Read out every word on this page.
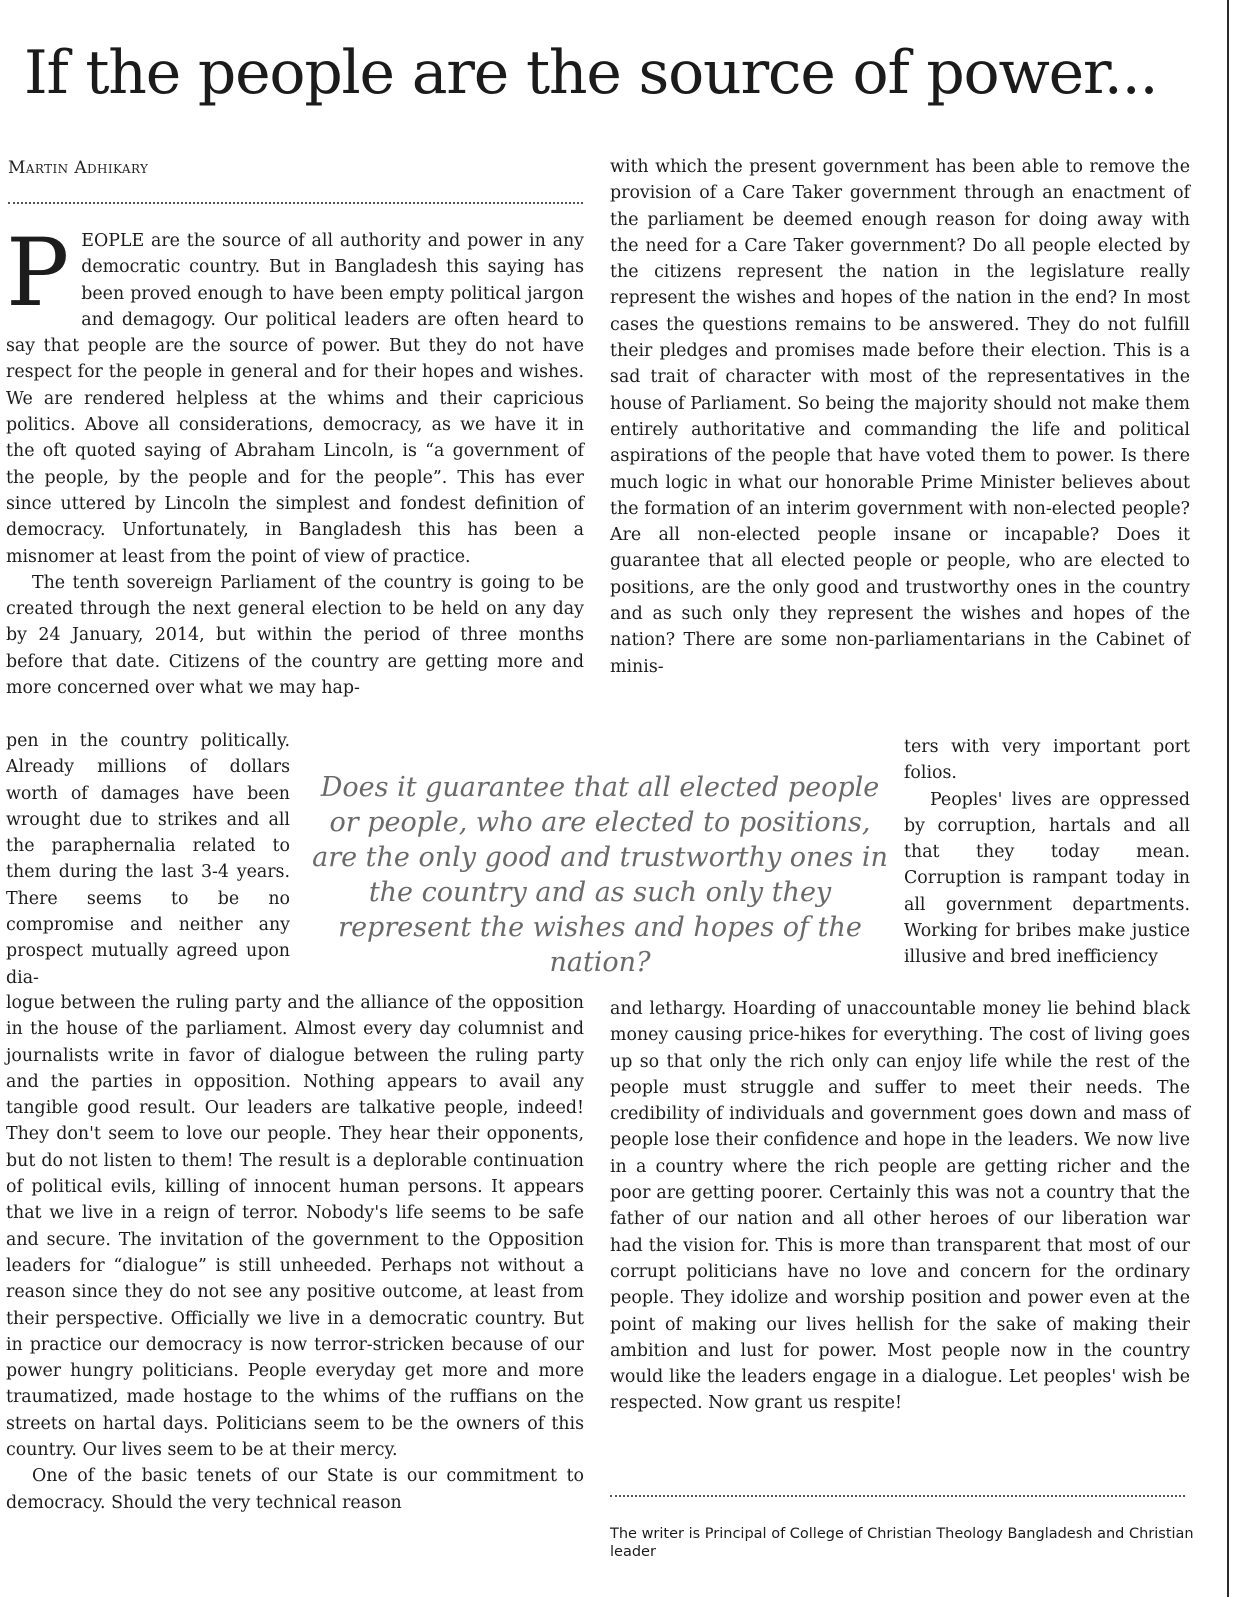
If the people are the source of power...
Martin Adhikary

PEOPLE are the source of all authority and power in any democratic country. But in Bangladesh this saying has been proved enough to have been empty political jargon and demagogy. Our political leaders are often heard to say that people are the source of power. But they do not have respect for the people in general and for their hopes and wishes. We are rendered helpless at the whims and their capricious politics. Above all considerations, democracy, as we have it in the oft quoted saying of Abraham Lincoln, is “a government of the people, by the people and for the people”. This has ever since uttered by Lincoln the simplest and fondest definition of democracy. Unfortunately, in Bangladesh this has been a misnomer at least from the point of view of practice.

The tenth sovereign Parliament of the country is going to be created through the next general election to be held on any day by 24 January, 2014, but within the period of three months before that date. Citizens of the country are getting more and more concerned over what we may hap-

pen in the country politically. Already millions of dollars worth of damages have been wrought due to strikes and all the paraphernalia related to them during the last 3-4 years. There seems to be no compromise and neither any prospect mutually agreed upon dia-

logue between the ruling party and the alliance of the opposition in the house of the parliament. Almost every day columnist and journalists write in favor of dialogue between the ruling party and the parties in opposition. Nothing appears to avail any tangible good result. Our leaders are talkative people, indeed! They don't seem to love our people. They hear their opponents, but do not listen to them! The result is a deplorable continuation of political evils, killing of innocent human persons. It appears that we live in a reign of terror. Nobody's life seems to be safe and secure. The invitation of the government to the Opposition leaders for “dialogue” is still unheeded. Perhaps not without a reason since they do not see any positive outcome, at least from their perspective. Officially we live in a democratic country. But in practice our democracy is now terror-stricken because of our power hungry politicians. People everyday get more and more traumatized, made hostage to the whims of the ruffians on the streets on hartal days. Politicians seem to be the owners of this country. Our lives seem to be at their mercy.

One of the basic tenets of our State is our commitment to democracy. Should the very technical reason

with which the present government has been able to remove the provision of a Care Taker government through an enactment of the parliament be deemed enough reason for doing away with the need for a Care Taker government? Do all people elected by the citizens represent the nation in the legislature really represent the wishes and hopes of the nation in the end? In most cases the questions remains to be answered. They do not fulfill their pledges and promises made before their election. This is a sad trait of character with most of the representatives in the house of Parliament. So being the majority should not make them entirely authoritative and commanding the life and political aspirations of the people that have voted them to power. Is there much logic in what our honorable Prime Minister believes about the formation of an interim government with non-elected people? Are all non-elected people insane or incapable? Does it guarantee that all elected people or people, who are elected to positions, are the only good and trustworthy ones in the country and as such only they represent the wishes and hopes of the nation? There are some non-parliamentarians in the Cabinet of minis-

ters with very important port folios.

Peoples' lives are oppressed by corruption, hartals and all that they today mean. Corruption is rampant today in all government departments. Working for bribes make justice illusive and bred inefficiency

and lethargy. Hoarding of unaccountable money lie behind black money causing price-hikes for everything. The cost of living goes up so that only the rich only can enjoy life while the rest of the people must struggle and suffer to meet their needs. The credibility of individuals and government goes down and mass of people lose their confidence and hope in the leaders. We now live in a country where the rich people are getting richer and the poor are getting poorer. Certainly this was not a country that the father of our nation and all other heroes of our liberation war had the vision for. This is more than transparent that most of our corrupt politicians have no love and concern for the ordinary people. They idolize and worship position and power even at the point of making our lives hellish for the sake of making their ambition and lust for power. Most people now in the country would like the leaders engage in a dialogue. Let peoples' wish be respected. Now grant us respite!
Does it guarantee that all elected people or people, who are elected to positions, are the only good and trustworthy ones in the country and as such only they represent the wishes and hopes of the nation?
The writer is Principal of College of Christian Theology Bangladesh and Christian leader
